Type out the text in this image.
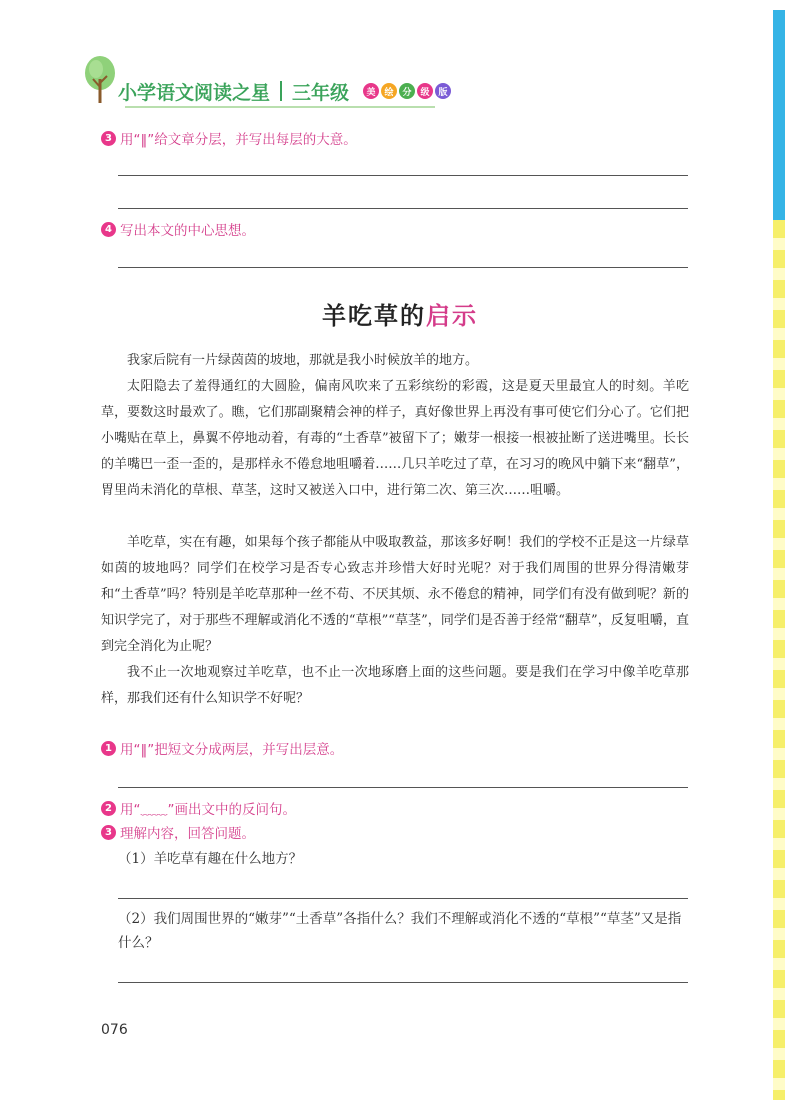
小学语文阅读之星 三年级	美 绘 分 级 版
3 用“‖”给文章分层，并写出每层的大意。
4 写出本文的中心思想。
羊吃草的启示
我家后院有一片绿茵茵的坡地，那就是我小时候放羊的地方。
太阳隐去了羞得通红的大圆脸，偏南风吹来了五彩缤纷的彩霞，这是夏天里最宜人的时刻。羊吃草，要数这时最欢了。瞧，它们那副聚精会神的样子，真好像世界上再没有事可使它们分心了。它们把小嘴贴在草上，鼻翼不停地动着，有毒的“土香草”被留下了；嫩芽一根接一根被扯断了送进嘴里。长长的羊嘴巴一歪一歪的，是那样永不倦怠地咀嚼着……几只羊吃过了草，在习习的晚风中躺下来“翻草”，胃里尚未消化的草根、草茎，这时又被送入口中，进行第二次、第三次……咀嚼。
羊吃草，实在有趣，如果每个孩子都能从中吸取教益，那该多好啊！我们的学校不正是这一片绿草如茵的坡地吗？同学们在校学习是否专心致志并珍惜大好时光呢？对于我们周围的世界分得清嫩芽和“土香草”吗？特别是羊吃草那种一丝不苟、不厌其烦、永不倦怠的精神，同学们有没有做到呢？新的知识学完了，对于那些不理解或消化不透的“草根”“草茎”，同学们是否善于经常“翻草”，反复咀嚼，直到完全消化为止呢？
我不止一次地观察过羊吃草，也不止一次地琢磨上面的这些问题。要是我们在学习中像羊吃草那样，那我们还有什么知识学不好呢？
1 用“‖”把短文分成两层，并写出层意。
2 用“﹏﹏”画出文中的反问句。
3 理解内容，回答问题。
（1）羊吃草有趣在什么地方？
（2）我们周围世界的“嫩芽”“土香草”各指什么？我们不理解或消化不透的“草根”“草茎”又是指什么？
076
